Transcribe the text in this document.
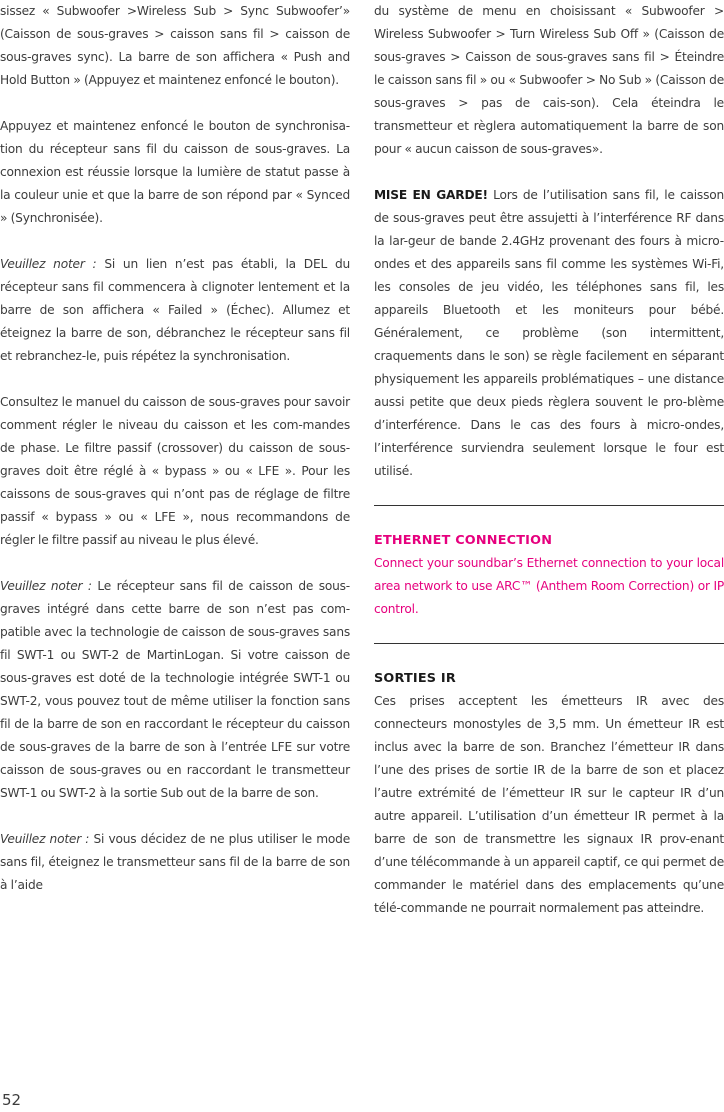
sissez « Subwoofer >Wireless Sub > Sync Subwoofer’» (Caisson de sous-graves > caisson sans fil > caisson de sous-graves sync). La barre de son affichera « Push and Hold Button » (Appuyez et maintenez enfoncé le bouton).

Appuyez et maintenez enfoncé le bouton de synchronisa-tion du récepteur sans fil du caisson de sous-graves. La connexion est réussie lorsque la lumière de statut passe à la couleur unie et que la barre de son répond par « Synced » (Synchronisée).

Veuillez noter : Si un lien n’est pas établi, la DEL du récepteur sans fil commencera à clignoter lentement et la barre de son affichera « Failed » (Échec). Allumez et éteignez la barre de son, débranchez le récepteur sans fil et rebranchez-le, puis répétez la synchronisation.

Consultez le manuel du caisson de sous-graves pour savoir comment régler le niveau du caisson et les com-mandes de phase. Le filtre passif (crossover) du caisson de sous-graves doit être réglé à « bypass » ou « LFE ». Pour les caissons de sous-graves qui n’ont pas de réglage de filtre passif « bypass » ou « LFE », nous recommandons de régler le filtre passif au niveau le plus élevé.

Veuillez noter : Le récepteur sans fil de caisson de sous-graves intégré dans cette barre de son n’est pas com-patible avec la technologie de caisson de sous-graves sans fil SWT-1 ou SWT-2 de MartinLogan. Si votre caisson de sous-graves est doté de la technologie intégrée SWT-1 ou SWT-2, vous pouvez tout de même utiliser la fonction sans fil de la barre de son en raccordant le récepteur du caisson de sous-graves de la barre de son à l’entrée LFE sur votre caisson de sous-graves ou en raccordant le transmetteur SWT-1 ou SWT-2 à la sortie Sub out de la barre de son.

Veuillez noter : Si vous décidez de ne plus utiliser le mode sans fil, éteignez le transmetteur sans fil de la barre de son à l’aide

du système de menu en choisissant « Subwoofer > Wireless Subwoofer > Turn Wireless Sub Off » (Caisson de sous-graves > Caisson de sous-graves sans fil > Éteindre le caisson sans fil » ou « Subwoofer > No Sub » (Caisson de sous-graves > pas de cais-son). Cela éteindra le transmetteur et règlera automatiquement la barre de son pour « aucun caisson de sous-graves».

MISE EN GARDE! Lors de l’utilisation sans fil, le caisson de sous-graves peut être assujetti à l’interférence RF dans la lar-geur de bande 2.4GHz provenant des fours à micro-ondes et des appareils sans fil comme les systèmes Wi-Fi, les consoles de jeu vidéo, les téléphones sans fil, les appareils Bluetooth et les moniteurs pour bébé. Généralement, ce problème (son intermittent, craquements dans le son) se règle facilement en séparant physiquement les appareils problématiques – une distance aussi petite que deux pieds règlera souvent le pro-blème d’interférence. Dans le cas des fours à micro-ondes, l’interférence surviendra seulement lorsque le four est utilisé.

ETHERNET CONNECTION

Connect your soundbar’s Ethernet connection to your local area network to use ARC™ (Anthem Room Correction) or IP control.

SORTIES IR

Ces prises acceptent les émetteurs IR avec des connecteurs monostyles de 3,5 mm. Un émetteur IR est inclus avec la barre de son. Branchez l’émetteur IR dans l’une des prises de sortie IR de la barre de son et placez l’autre extrémité de l’émetteur IR sur le capteur IR d’un autre appareil. L’utilisation d’un émetteur IR permet à la barre de son de transmettre les signaux IR prov-enant d’une télécommande à un appareil captif, ce qui permet de commander le matériel dans des emplacements qu’une télé-commande ne pourrait normalement pas atteindre.

52
